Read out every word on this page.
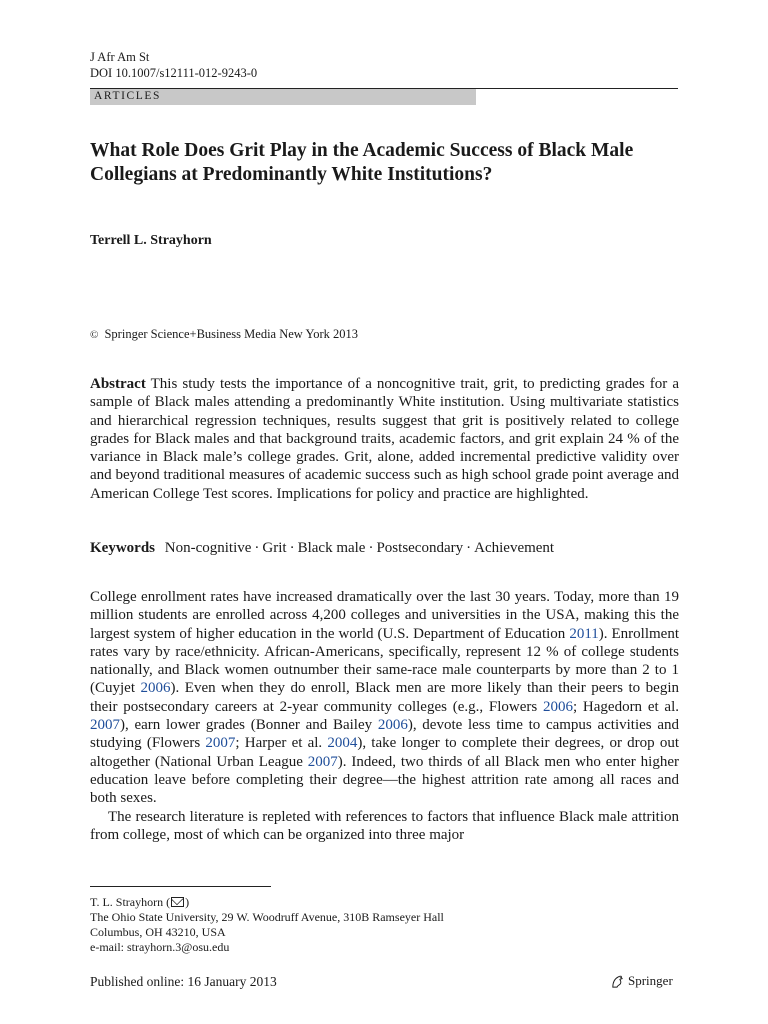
J Afr Am St
DOI 10.1007/s12111-012-9243-0
ARTICLES
What Role Does Grit Play in the Academic Success of Black Male Collegians at Predominantly White Institutions?
Terrell L. Strayhorn
© Springer Science+Business Media New York 2013

Abstract This study tests the importance of a noncognitive trait, grit, to predicting grades for a sample of Black males attending a predominantly White institution. Using multivariate statistics and hierarchical regression techniques, results suggest that grit is positively related to college grades for Black males and that background traits, academic factors, and grit explain 24 % of the variance in Black male’s college grades. Grit, alone, added incremental predictive validity over and beyond traditional measures of academic success such as high school grade point average and American College Test scores. Implications for policy and practice are highlighted.

Keywords Non-cognitive · Grit · Black male · Postsecondary · Achievement

College enrollment rates have increased dramatically over the last 30 years. Today, more than 19 million students are enrolled across 4,200 colleges and universities in the USA, making this the largest system of higher education in the world (U.S. Department of Education 2011). Enrollment rates vary by race/ethnicity. African-Americans, specifically, represent 12 % of college students nationally, and Black women outnumber their same-race male counterparts by more than 2 to 1 (Cuyjet 2006). Even when they do enroll, Black men are more likely than their peers to begin their postsecondary careers at 2-year community colleges (e.g., Flowers 2006; Hagedorn et al. 2007), earn lower grades (Bonner and Bailey 2006), devote less time to campus activities and studying (Flowers 2007; Harper et al. 2004), take longer to complete their degrees, or drop out altogether (National Urban League 2007). Indeed, two thirds of all Black men who enter higher education leave before completing their degree—the highest attrition rate among all races and both sexes.

The research literature is repleted with references to factors that influence Black male attrition from college, most of which can be organized into three major

T. L. Strayhorn ( )
The Ohio State University, 29 W. Woodruff Avenue, 310B Ramseyer Hall
Columbus, OH 43210, USA
e-mail: strayhorn.3@osu.edu
Published online: 16 January 2013	Springer
